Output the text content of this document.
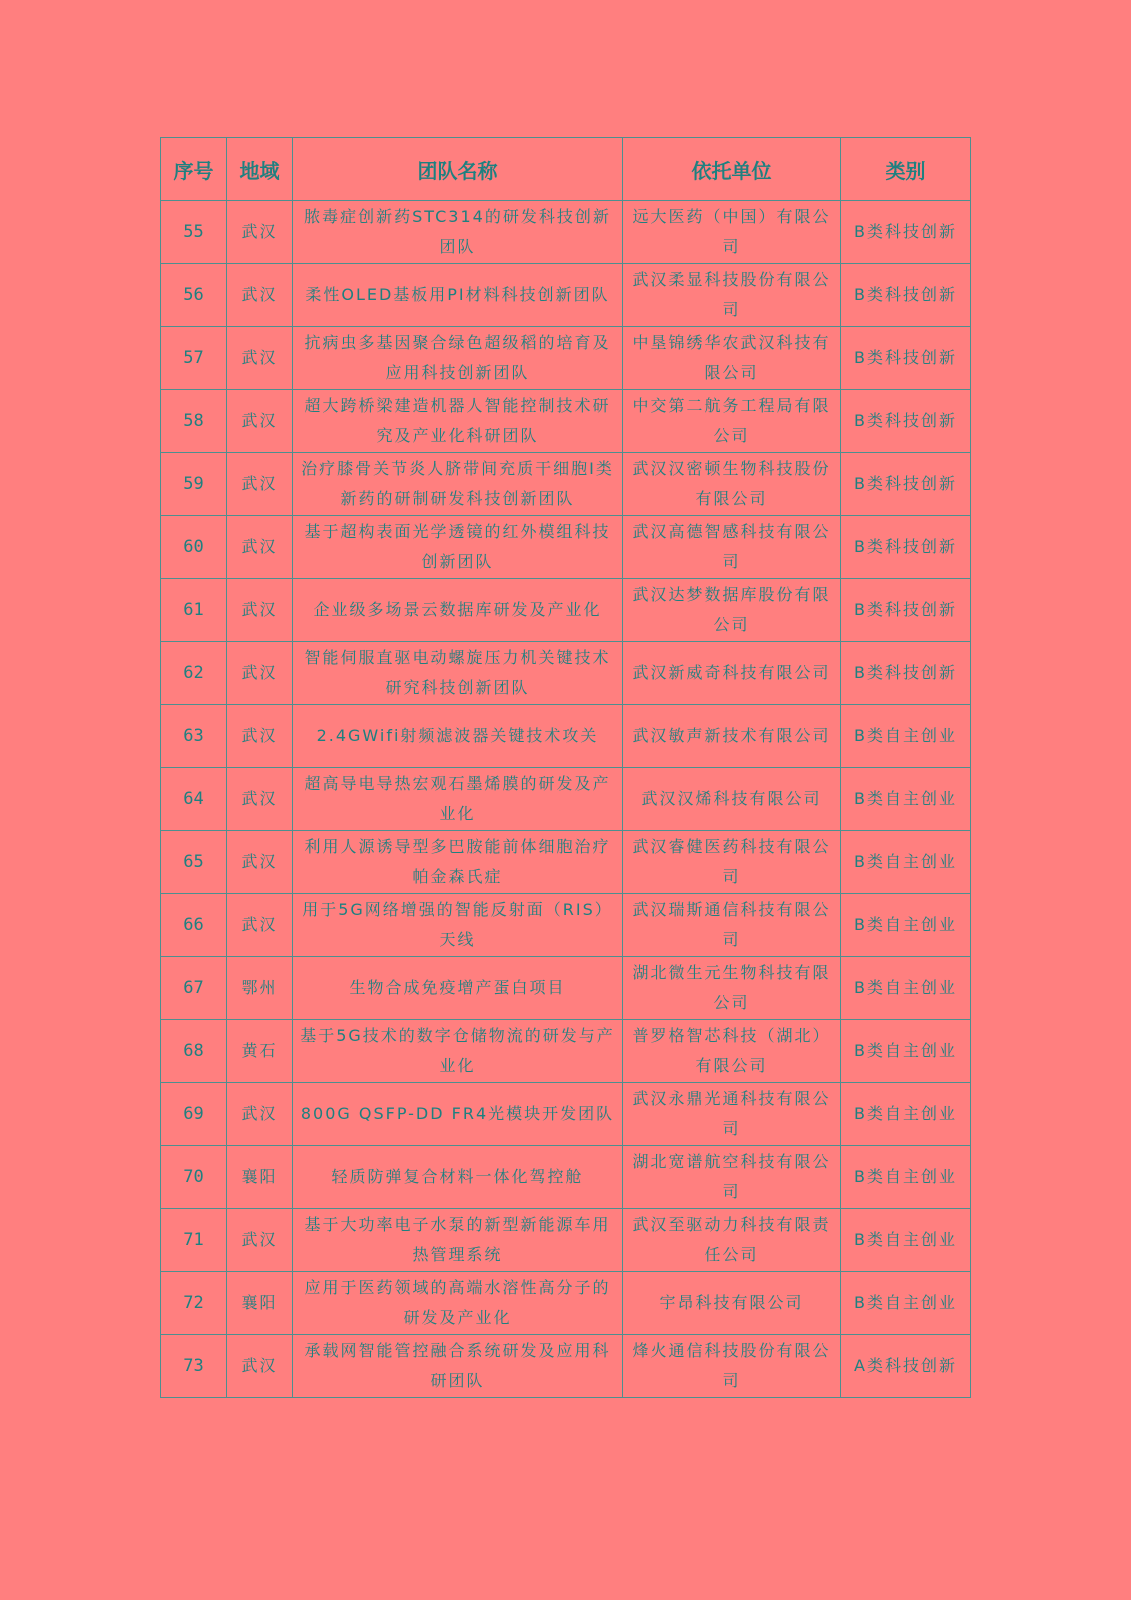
序号	地域	团队名称	依托单位	类别
55	武汉	脓毒症创新药STC314的研发科技创新团队	远大医药（中国）有限公司	B类科技创新
56	武汉	柔性OLED基板用PI材料科技创新团队	武汉柔显科技股份有限公司	B类科技创新
57	武汉	抗病虫多基因聚合绿色超级稻的培育及应用科技创新团队	中垦锦绣华农武汉科技有限公司	B类科技创新
58	武汉	超大跨桥梁建造机器人智能控制技术研究及产业化科研团队	中交第二航务工程局有限公司	B类科技创新
59	武汉	治疗膝骨关节炎人脐带间充质干细胞Ⅰ类新药的研制研发科技创新团队	武汉汉密顿生物科技股份有限公司	B类科技创新
60	武汉	基于超构表面光学透镜的红外模组科技创新团队	武汉高德智感科技有限公司	B类科技创新
61	武汉	企业级多场景云数据库研发及产业化	武汉达梦数据库股份有限公司	B类科技创新
62	武汉	智能伺服直驱电动螺旋压力机关键技术研究科技创新团队	武汉新威奇科技有限公司	B类科技创新
63	武汉	2.4GWifi射频滤波器关键技术攻关	武汉敏声新技术有限公司	B类自主创业
64	武汉	超高导电导热宏观石墨烯膜的研发及产业化	武汉汉烯科技有限公司	B类自主创业
65	武汉	利用人源诱导型多巴胺能前体细胞治疗帕金森氏症	武汉睿健医药科技有限公司	B类自主创业
66	武汉	用于5G网络增强的智能反射面（RIS）天线	武汉瑞斯通信科技有限公司	B类自主创业
67	鄂州	生物合成免疫增产蛋白项目	湖北微生元生物科技有限公司	B类自主创业
68	黄石	基于5G技术的数字仓储物流的研发与产业化	普罗格智芯科技（湖北）有限公司	B类自主创业
69	武汉	800G QSFP-DD FR4光模块开发团队	武汉永鼎光通科技有限公司	B类自主创业
70	襄阳	轻质防弹复合材料一体化驾控舱	湖北宽谱航空科技有限公司	B类自主创业
71	武汉	基于大功率电子水泵的新型新能源车用热管理系统	武汉至驱动力科技有限责任公司	B类自主创业
72	襄阳	应用于医药领域的高端水溶性高分子的研发及产业化	宇昂科技有限公司	B类自主创业
73	武汉	承载网智能管控融合系统研发及应用科研团队	烽火通信科技股份有限公司	A类科技创新
